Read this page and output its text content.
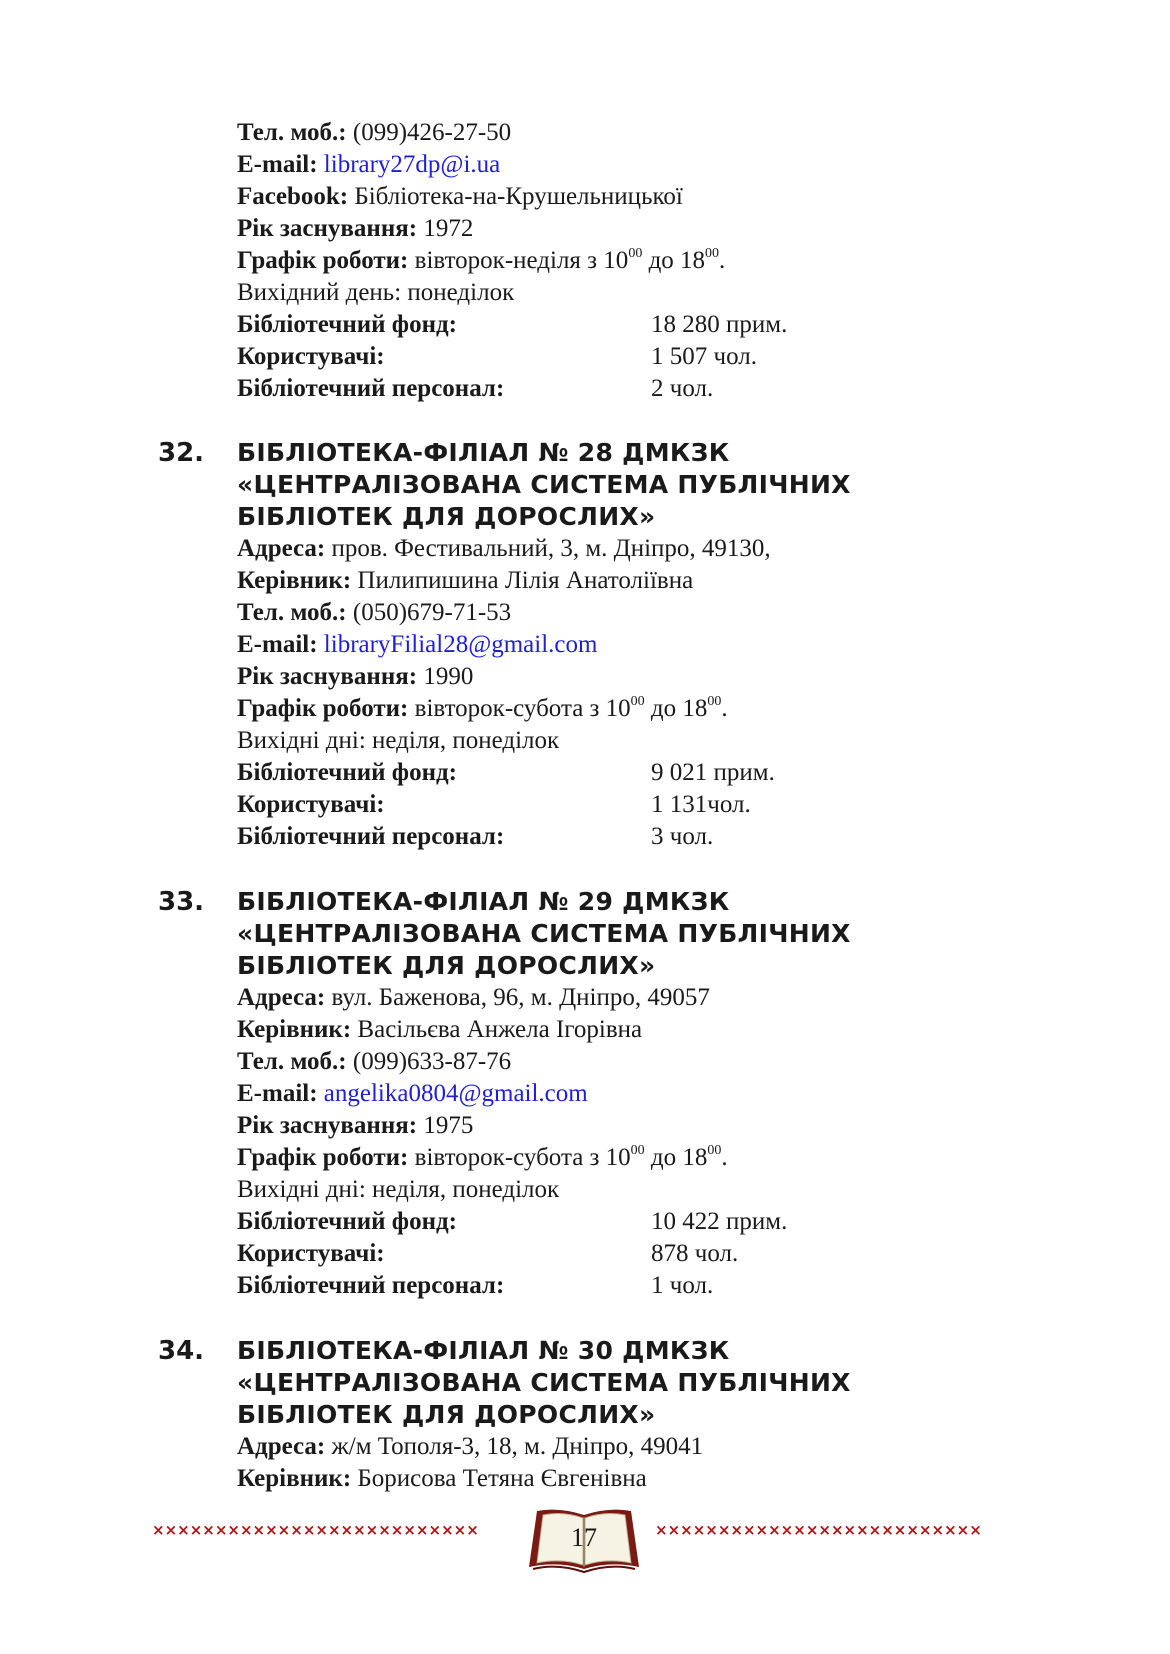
Тел. моб.: (099)426-27-50
E-mail: library27dp@i.ua
Facebook: Бібліотека-на-Крушельницької
Рік заснування: 1972
Графік роботи: вівторок-неділя з $10^{00}$ до $18^{00}$.
Вихідний день: понеділок
Бібліотечний фонд:	18 280 прим.
Користувачі:	1 507 чол.
Бібліотечний персонал:	2 чол.
32. БІБЛІОТЕКА-ФІЛІАЛ № 28 ДМКЗК
«ЦЕНТРАЛІЗОВАНА СИСТЕМА ПУБЛІЧНИХ
БІБЛІОТЕК ДЛЯ ДОРОСЛИХ»
Адреса: пров. Фестивальний, 3, м. Дніпро, 49130,
Керівник: Пилипишина Лілія Анатоліївна
Тел. моб.: (050)679-71-53
E-mail: libraryFilial28@gmail.com
Рік заснування: 1990
Графік роботи: вівторок-субота з $10^{00}$ до $18^{00}$.
Вихідні дні: неділя, понеділок
Бібліотечний фонд:	9 021 прим.
Користувачі:	1 131чол.
Бібліотечний персонал:	3 чол.
33. БІБЛІОТЕКА-ФІЛІАЛ № 29 ДМКЗК
«ЦЕНТРАЛІЗОВАНА СИСТЕМА ПУБЛІЧНИХ
БІБЛІОТЕК ДЛЯ ДОРОСЛИХ»
Адреса: вул. Баженова, 96, м. Дніпро, 49057
Керівник: Васільєва Анжела Ігорівна
Тел. моб.: (099)633-87-76
E-mail: angelika0804@gmail.com
Рік заснування: 1975
Графік роботи: вівторок-субота з $10^{00}$ до $18^{00}$.
Вихідні дні: неділя, понеділок
Бібліотечний фонд:	10 422 прим.
Користувачі:	878 чол.
Бібліотечний персонал:	1 чол.
34. БІБЛІОТЕКА-ФІЛІАЛ № 30 ДМКЗК
«ЦЕНТРАЛІЗОВАНА СИСТЕМА ПУБЛІЧНИХ
БІБЛІОТЕК ДЛЯ ДОРОСЛИХ»
Адреса: ж/м Тополя-3, 18, м. Дніпро, 49041
Керівник: Борисова Тетяна Євгенівна
××××××××××××××××××××××××××	××××××××××××××××××××××××××
17
